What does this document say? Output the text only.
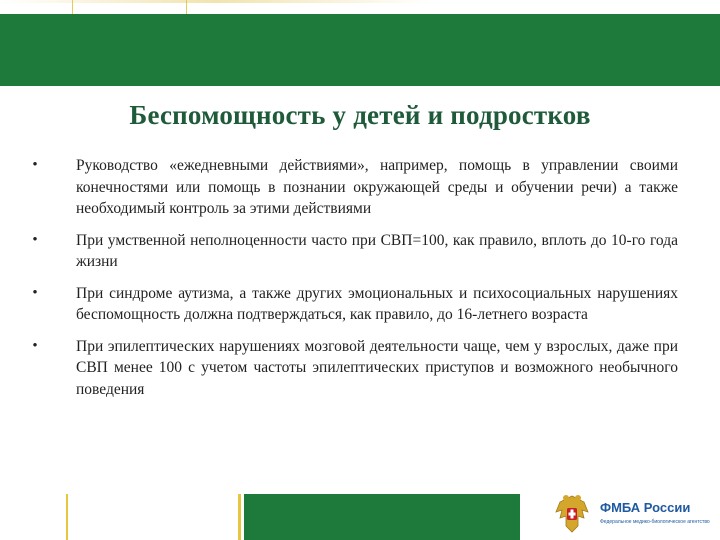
Беспомощность у детей и подростков
• Руководство «ежедневными действиями», например, помощь в управлении своими конечностями или помощь в познании окружающей среды и обучении речи) а также необходимый контроль за этими действиями
• При умственной неполноценности часто при СВП=100, как правило, вплоть до 10-го года жизни
• При синдроме аутизма, а также других эмоциональных и психосоциальных нарушениях беспомощность должна подтверждаться, как правило, до 16-летнего возраста
• При эпилептических нарушениях мозговой деятельности чаще, чем у взрослых, даже при СВП менее 100 с учетом частоты эпилептических приступов и возможного необычного поведения
ФМБА России
Федеральное медико-биологическое агентство
